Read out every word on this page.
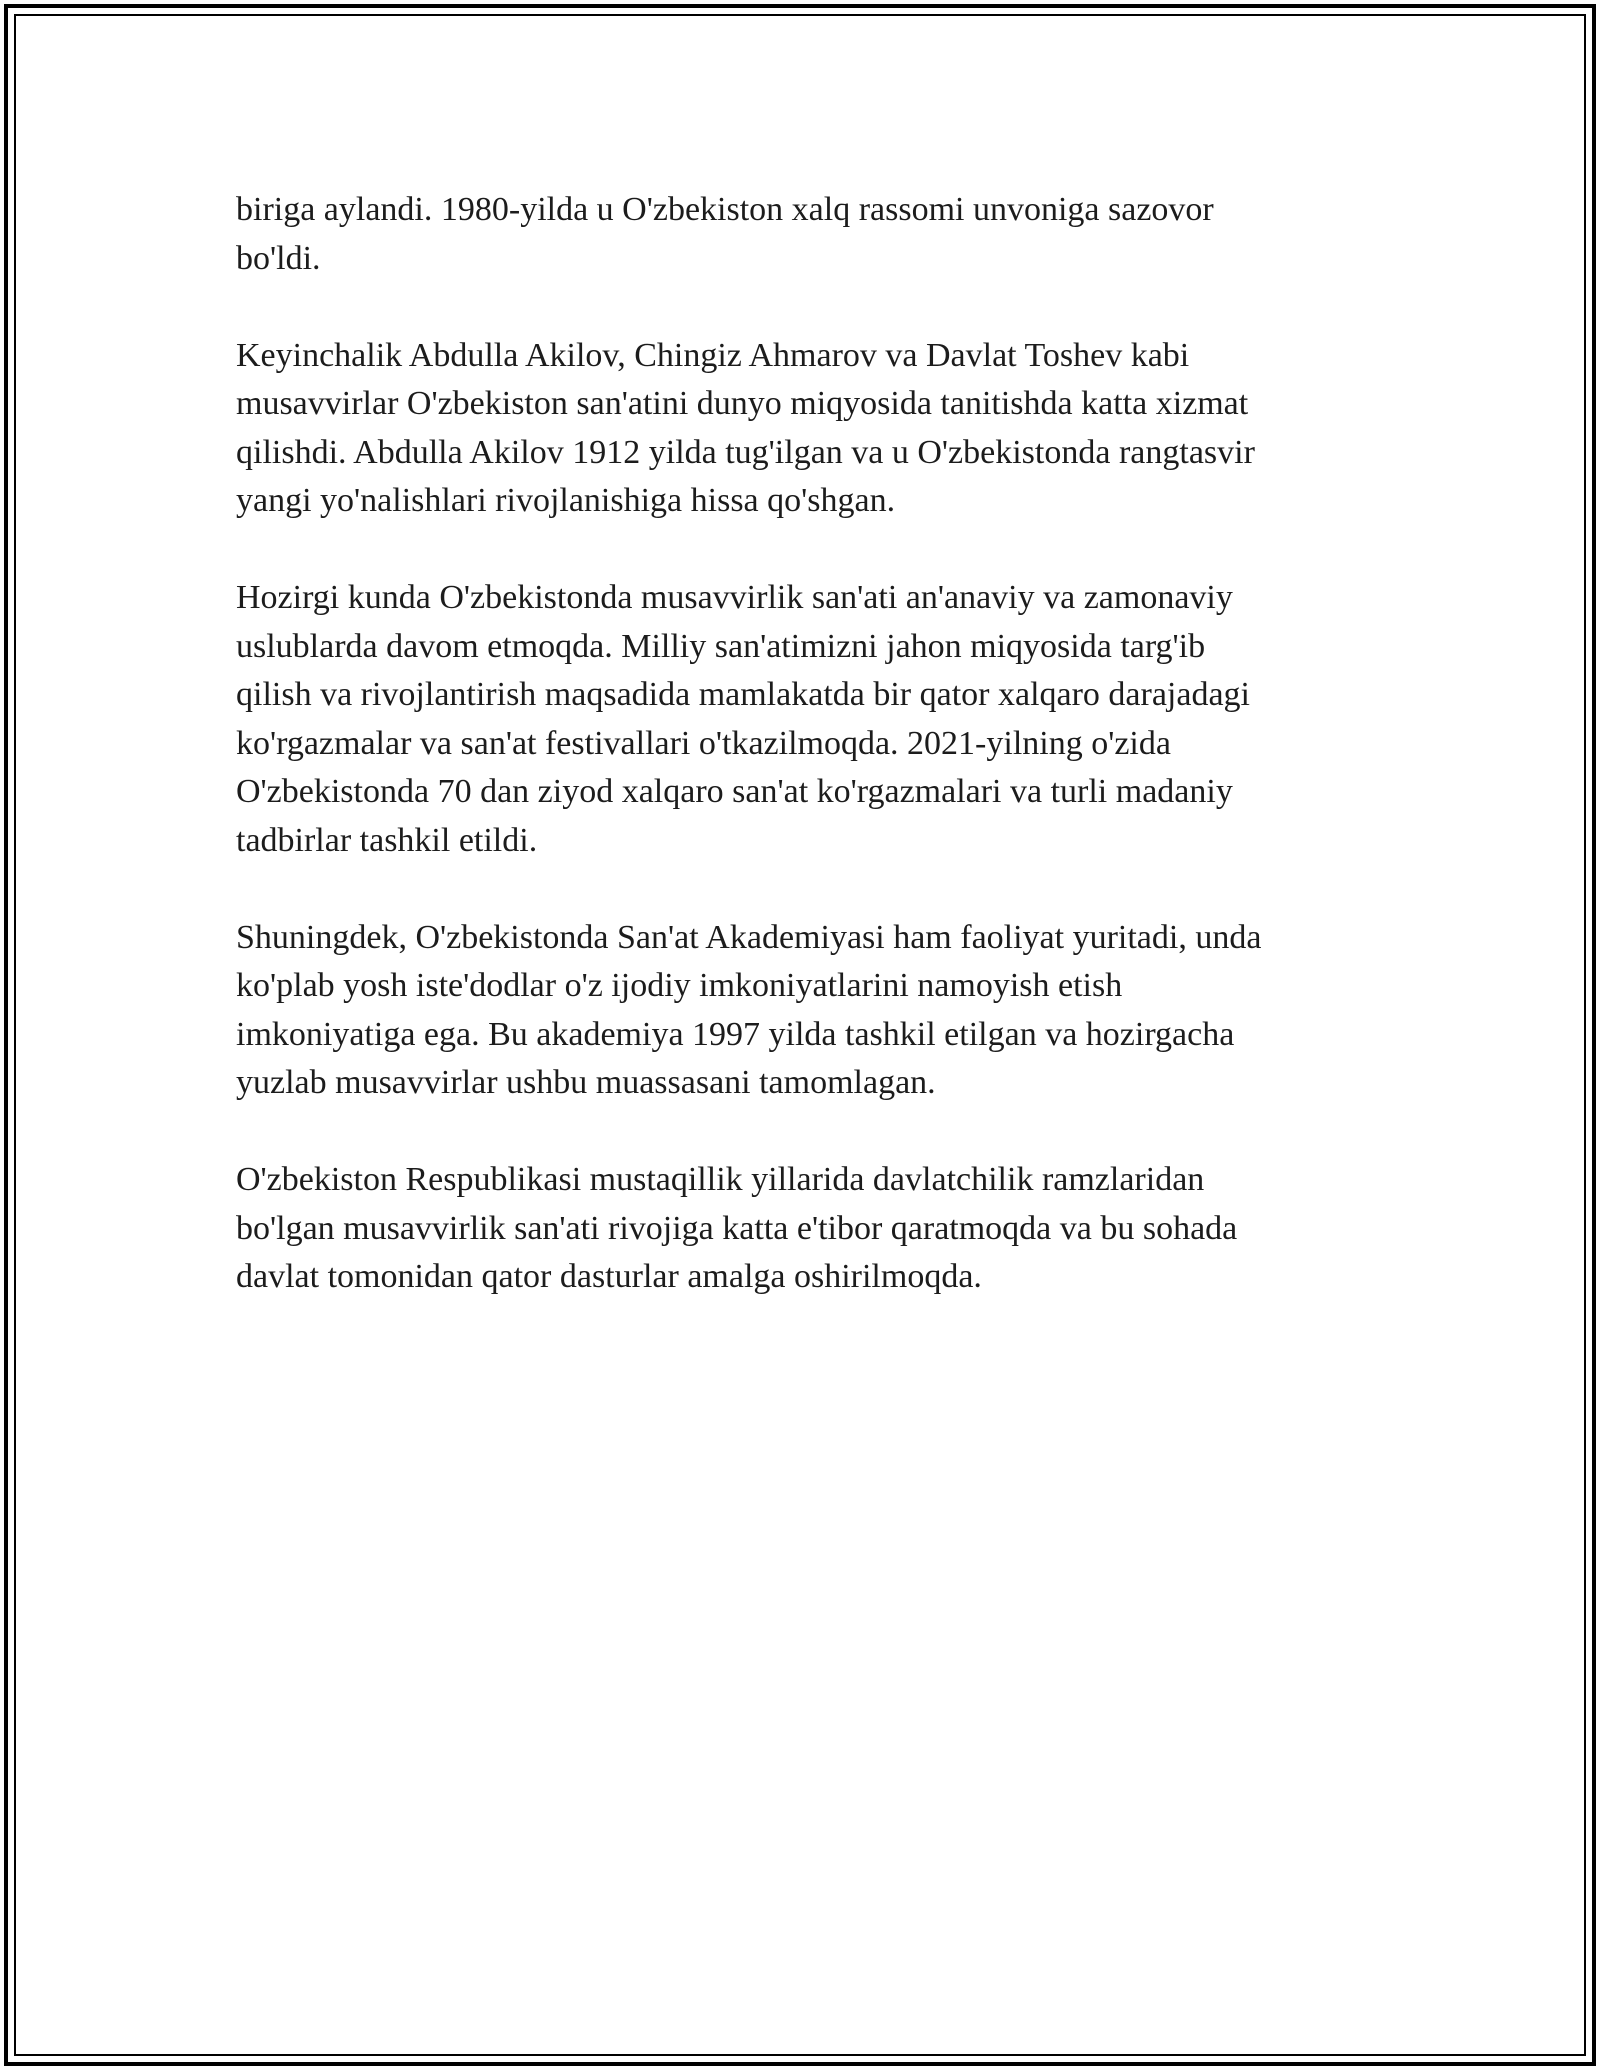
biriga aylandi. 1980-yilda u O'zbekiston xalq rassomi unvoniga sazovor
bo'ldi.

Keyinchalik Abdulla Akilov, Chingiz Ahmarov va Davlat Toshev kabi
musavvirlar O'zbekiston san'atini dunyo miqyosida tanitishda katta xizmat
qilishdi. Abdulla Akilov 1912 yilda tug'ilgan va u O'zbekistonda rangtasvir
yangi yo'nalishlari rivojlanishiga hissa qo'shgan.

Hozirgi kunda O'zbekistonda musavvirlik san'ati an'anaviy va zamonaviy
uslublarda davom etmoqda. Milliy san'atimizni jahon miqyosida targ'ib
qilish va rivojlantirish maqsadida mamlakatda bir qator xalqaro darajadagi
ko'rgazmalar va san'at festivallari o'tkazilmoqda. 2021-yilning o'zida
O'zbekistonda 70 dan ziyod xalqaro san'at ko'rgazmalari va turli madaniy
tadbirlar tashkil etildi.

Shuningdek, O'zbekistonda San'at Akademiyasi ham faoliyat yuritadi, unda
ko'plab yosh iste'dodlar o'z ijodiy imkoniyatlarini namoyish etish
imkoniyatiga ega. Bu akademiya 1997 yilda tashkil etilgan va hozirgacha
yuzlab musavvirlar ushbu muassasani tamomlagan.

O'zbekiston Respublikasi mustaqillik yillarida davlatchilik ramzlaridan
bo'lgan musavvirlik san'ati rivojiga katta e'tibor qaratmoqda va bu sohada
davlat tomonidan qator dasturlar amalga oshirilmoqda.
